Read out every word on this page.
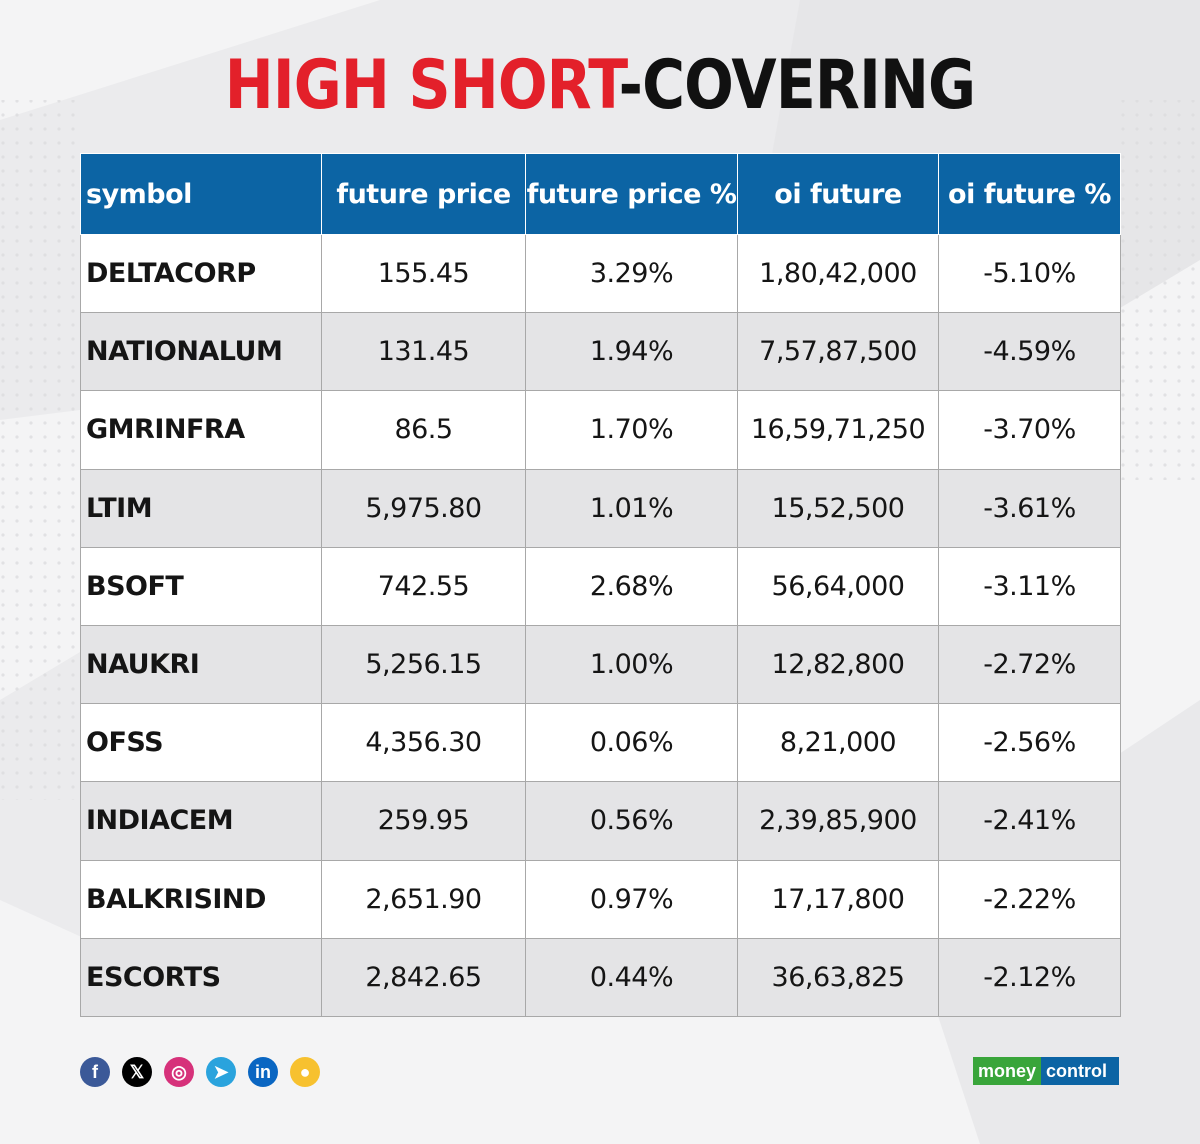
HIGH SHORT-COVERING
symbol	future price	future price %	oi future	oi future %
DELTACORP	155.45	3.29%	1,80,42,000	-5.10%
NATIONALUM	131.45	1.94%	7,57,87,500	-4.59%
GMRINFRA	86.5	1.70%	16,59,71,250	-3.70%
LTIM	5,975.80	1.01%	15,52,500	-3.61%
BSOFT	742.55	2.68%	56,64,000	-3.11%
NAUKRI	5,256.15	1.00%	12,82,800	-2.72%
OFSS	4,356.30	0.06%	8,21,000	-2.56%
INDIACEM	259.95	0.56%	2,39,85,900	-2.41%
BALKRISIND	2,651.90	0.97%	17,17,800	-2.22%
ESCORTS	2,842.65	0.44%	36,63,825	-2.12%
f	𝕏	◎	➤	in	●	money control
